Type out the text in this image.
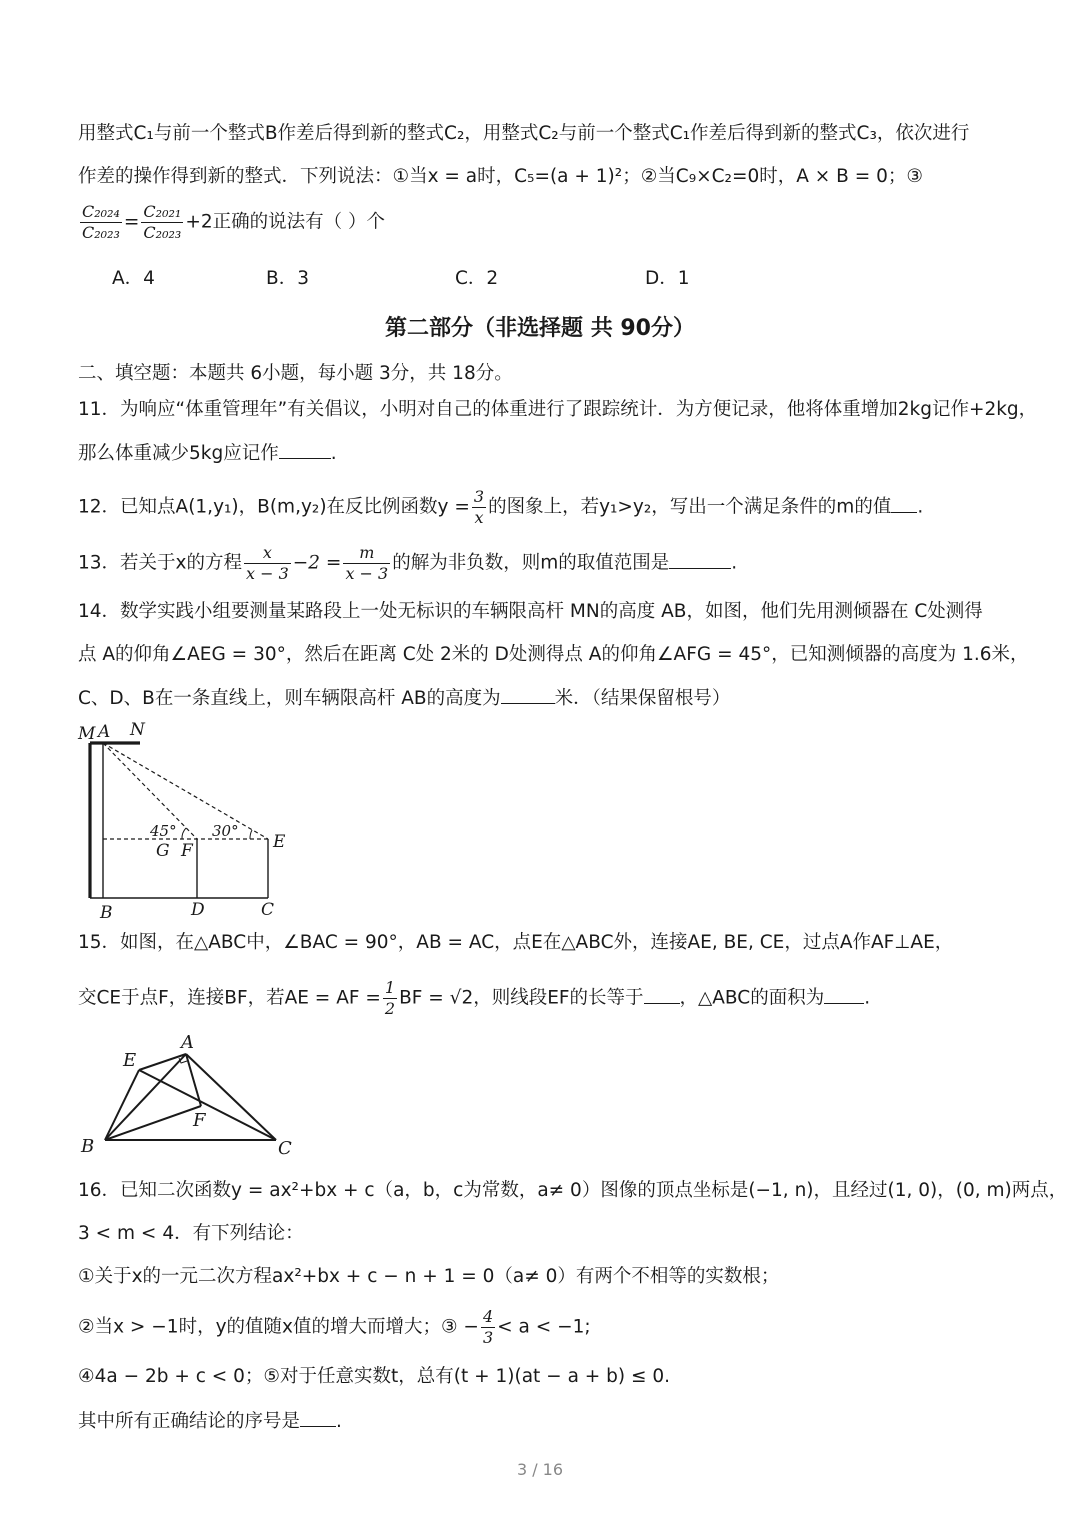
用整式C₁与前一个整式B作差后得到新的整式C₂，用整式C₂与前一个整式C₁作差后得到新的整式C₃，依次进行
作差的操作得到新的整式．下列说法：①当x = a时，C₅=(a + 1)²；②当C₉×C₂=0时，A × B = 0；③
$\frac{\text{C₂₀₂₄}}{\text{C₂₀₂₃}} = \frac{\text{C₂₀₂₁}}{\text{C₂₀₂₃}} +2$正确的说法有（ ）个
A．4	B．3	C．2	D．1
第二部分（非选择题 共 90分）
二、填空题：本题共 6小题，每小题 3分，共 18分。
11．为响应“体重管理年”有关倡议，小明对自己的体重进行了跟踪统计．为方便记录，他将体重增加2kg记作+2kg，
那么体重减少5kg应记作	.
12．已知点A(1,y₁)，B(m,y₂)在反比例函数$y = \frac{3}{x}$ 的图象上，若y₁>y₂，写出一个满足条件的m的值 .
13．若关于x的方程 $\frac{x}{x - 3} -2 = \frac{m}{x - 3}$ 的解为非负数，则m的取值范围是	.
14．数学实践小组要测量某路段上一处无标识的车辆限高杆 MN的高度 AB，如图，他们先用测倾器在 C处测得
点 A的仰角∠AEG = 30°，然后在距离 C处 2米的 D处测得点 A的仰角∠AFG = 45°，已知测倾器的高度为 1.6米，
C、D、B在一条直线上，则车辆限高杆 AB的高度为	米．（结果保留根号）
M A N
B	D	C
G F	E
45° 30°
15．如图，在△ABC中，∠BAC = 90°，AB = AC，点E在△ABC外，连接AE, BE, CE，过点A作AF⊥AE，
交CE于点F，连接BF，若AE = AF = $\frac{1}{2}$ BF = √2，则线段EF的长等于 ，△ABC的面积为 .
A
E
F
B	C
16．已知二次函数y = ax²+bx + c（a，b，c为常数，a≠ 0）图像的顶点坐标是(−1, n)，且经过(1, 0)，(0, m)两点，
3 < m < 4．有下列结论：
①关于x的一元二次方程ax²+bx + c − n + 1 = 0（a≠ 0）有两个不相等的实数根；
②当x > −1时，y的值随x值的增大而增大；③ − $\frac{4}{3} < a < -1$;
④4a − 2b + c < 0；⑤对于任意实数t，总有(t + 1)(at − a + b) ≤ 0.
其中所有正确结论的序号是 .
3 / 16
